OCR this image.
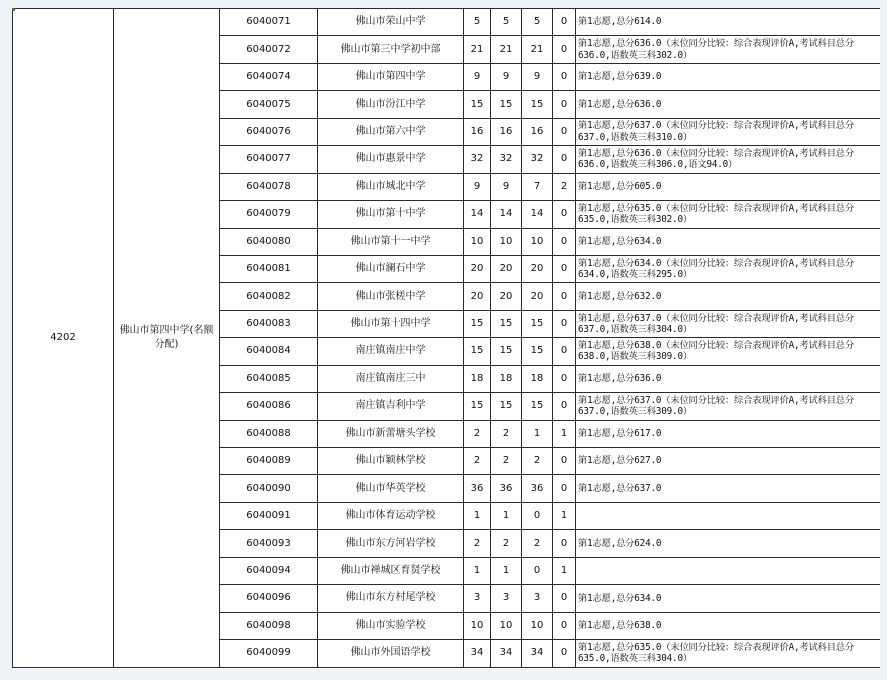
4202	佛山市第四中学(名额分配)	6040071	佛山市荣山中学	5	5	5	0	第1志愿,总分614.0
		6040072	佛山市第三中学初中部	21	21	21	0	第1志愿,总分636.0（末位同分比较：综合表现评价A,考试科目总分636.0,语数英三科302.0）
		6040074	佛山市第四中学	9	9	9	0	第1志愿,总分639.0
		6040075	佛山市汾江中学	15	15	15	0	第1志愿,总分636.0
		6040076	佛山市第六中学	16	16	16	0	第1志愿,总分637.0（末位同分比较：综合表现评价A,考试科目总分637.0,语数英三科310.0）
		6040077	佛山市惠景中学	32	32	32	0	第1志愿,总分636.0（末位同分比较：综合表现评价A,考试科目总分636.0,语数英三科306.0,语文94.0）
		6040078	佛山市城北中学	9	9	7	2	第1志愿,总分605.0
		6040079	佛山市第十中学	14	14	14	0	第1志愿,总分635.0（末位同分比较：综合表现评价A,考试科目总分635.0,语数英三科302.0）
		6040080	佛山市第十一中学	10	10	10	0	第1志愿,总分634.0
		6040081	佛山市澜石中学	20	20	20	0	第1志愿,总分634.0（末位同分比较：综合表现评价A,考试科目总分634.0,语数英三科295.0）
		6040082	佛山市张槎中学	20	20	20	0	第1志愿,总分632.0
		6040083	佛山市第十四中学	15	15	15	0	第1志愿,总分637.0（末位同分比较：综合表现评价A,考试科目总分637.0,语数英三科304.0）
		6040084	南庄镇南庄中学	15	15	15	0	第1志愿,总分638.0（末位同分比较：综合表现评价A,考试科目总分638.0,语数英三科309.0）
		6040085	南庄镇南庄三中	18	18	18	0	第1志愿,总分636.0
		6040086	南庄镇吉利中学	15	15	15	0	第1志愿,总分637.0（末位同分比较：综合表现评价A,考试科目总分637.0,语数英三科309.0）
		6040088	佛山市新蕾塘头学校	2	2	1	1	第1志愿,总分617.0
		6040089	佛山市颖林学校	2	2	2	0	第1志愿,总分627.0
		6040090	佛山市华英学校	36	36	36	0	第1志愿,总分637.0
		6040091	佛山市体育运动学校	1	1	0	1	
		6040093	佛山市东方河岩学校	2	2	2	0	第1志愿,总分624.0
		6040094	佛山市禅城区育贤学校	1	1	0	1	
		6040096	佛山市东方村尾学校	3	3	3	0	第1志愿,总分634.0
		6040098	佛山市实验学校	10	10	10	0	第1志愿,总分638.0
		6040099	佛山市外国语学校	34	34	34	0	第1志愿,总分635.0（末位同分比较：综合表现评价A,考试科目总分635.0,语数英三科304.0）
